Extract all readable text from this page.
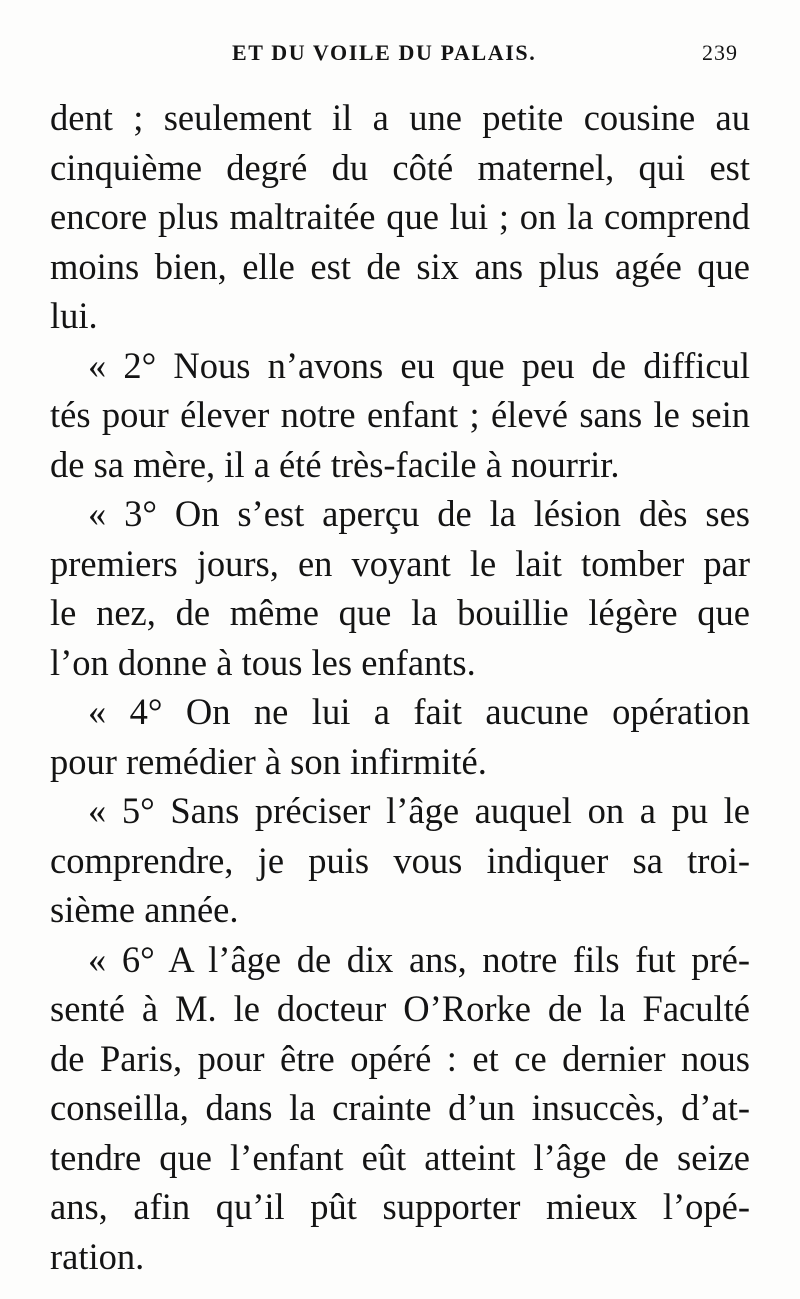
ET DU VOILE DU PALAIS.	239
dent ; seulement il a une petite cousine au
cinquième degré du côté maternel, qui est
encore plus maltraitée que lui ; on la comprend
moins bien, elle est de six ans plus agée que
lui.
« 2° Nous n’avons eu que peu de difficul
tés pour élever notre enfant ; élevé sans le sein
de sa mère, il a été très-facile à nourrir.
« 3° On s’est aperçu de la lésion dès ses
premiers jours, en voyant le lait tomber par
le nez, de même que la bouillie légère que
l’on donne à tous les enfants.
« 4° On ne lui a fait aucune opération
pour remédier à son infirmité.
« 5° Sans préciser l’âge auquel on a pu le
comprendre, je puis vous indiquer sa troi-
sième année.
« 6° A l’âge de dix ans, notre fils fut pré-
senté à M. le docteur O’Rorke de la Faculté
de Paris, pour être opéré : et ce dernier nous
conseilla, dans la crainte d’un insuccès, d’at-
tendre que l’enfant eût atteint l’âge de seize
ans, afin qu’il pût supporter mieux l’opé-
ration.
